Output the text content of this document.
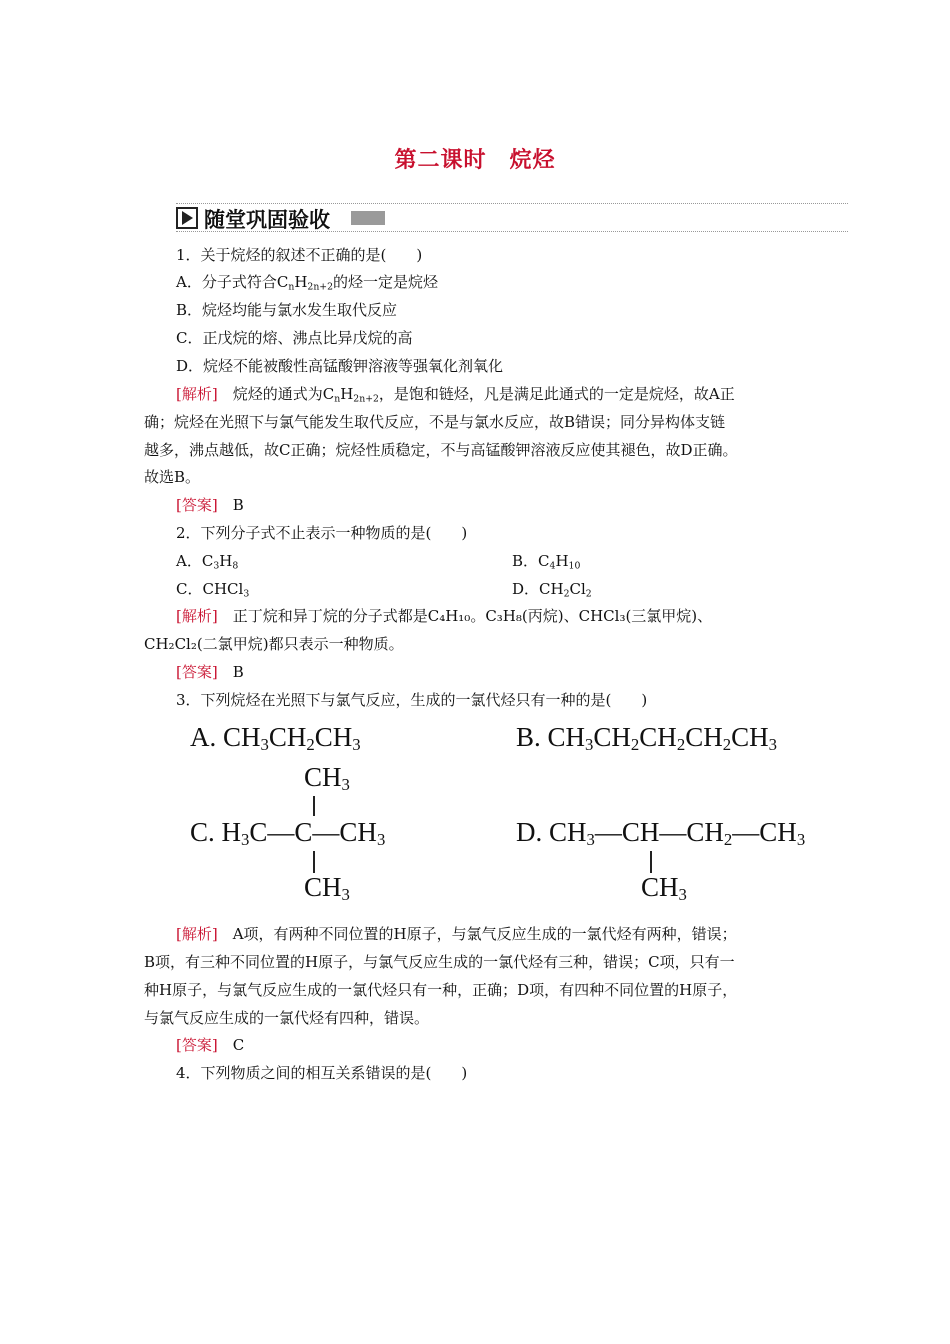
第二课时　烷烃
随堂巩固验收
1．关于烷烃的叙述不正确的是(　　)
A．分子式符合$C_nH_{2n+2}$的烃一定是烷烃
B．烷烃均能与氯水发生取代反应
C．正戊烷的熔、沸点比异戊烷的高
D．烷烃不能被酸性高锰酸钾溶液等强氧化剂氧化
[解析]　烷烃的通式为$C_nH_{2n+2}$，是饱和链烃，凡是满足此通式的一定是烷烃，故A正
确；烷烃在光照下与氯气能发生取代反应，不是与氯水反应，故B错误；同分异构体支链
越多，沸点越低，故C正确；烷烃性质稳定，不与高锰酸钾溶液反应使其褪色，故D正确。
故选B。
[答案]　B
2．下列分子式不止表示一种物质的是(　　)
A．$C_3H_8$	B．$C_4H_{10}$
C．CHCl$_3$	D．$CH_2Cl_2$
[解析]　正丁烷和异丁烷的分子式都是C₄H₁₀。C₃H₈(丙烷)、CHCl₃(三氯甲烷)、
CH₂Cl₂(二氯甲烷)都只表示一种物质。
[答案]　B
3．下列烷烃在光照下与氯气反应，生成的一氯代烃只有一种的是(　　)
A. $CH_3CH_2CH_3$	B. $CH_3CH_2CH_2CH_2CH_3$
$CH_3$
C. $H_3C—C—CH_3$
$CH_3$
D. $CH_3—CH—CH_2—CH_3$
$CH_3$
[解析]　A项，有两种不同位置的H原子，与氯气反应生成的一氯代烃有两种，错误；
B项，有三种不同位置的H原子，与氯气反应生成的一氯代烃有三种，错误；C项，只有一
种H原子，与氯气反应生成的一氯代烃只有一种，正确；D项，有四种不同位置的H原子，
与氯气反应生成的一氯代烃有四种，错误。
[答案]　C
4．下列物质之间的相互关系错误的是(　　)
